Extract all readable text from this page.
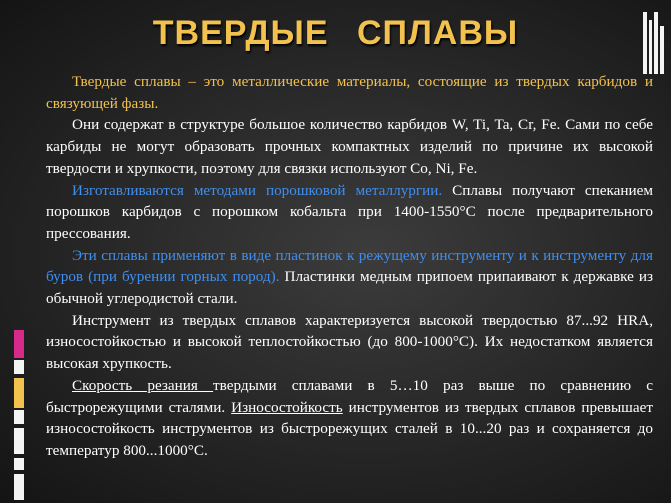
ТВЕРДЫЕ СПЛАВЫ

Твердые сплавы – это металлические материалы, состоящие из твердых карбидов и связующей фазы.

Они содержат в структуре большое количество карбидов W, Ti, Ta, Cr, Fe. Сами по себе карбиды не могут образовать прочных компактных изделий по причине их высокой твердости и хрупкости, поэтому для связки используют Co, Ni, Fe.

Изготавливаются методами порошковой металлургии. Сплавы получают спеканием порошков карбидов с порошком кобальта при 1400-1550°С после предварительного прессования.

Эти сплавы применяют в виде пластинок к режущему инструменту и к инструменту для буров (при бурении горных пород). Пластинки медным припоем припаивают к державке из обычной углеродистой стали.

Инструмент из твердых сплавов характеризуется высокой твердостью 87...92 HRA, износостойкостью и высокой теплостойкостью (до 800-1000°С). Их недостатком является высокая хрупкость.

Скорость резания твердыми сплавами в 5…10 раз выше по сравнению с быстрорежущими сталями. Износостойкость инструментов из твердых сплавов превышает износостойкость инструментов из быстрорежущих сталей в 10...20 раз и сохраняется до температур 800...1000°С.
